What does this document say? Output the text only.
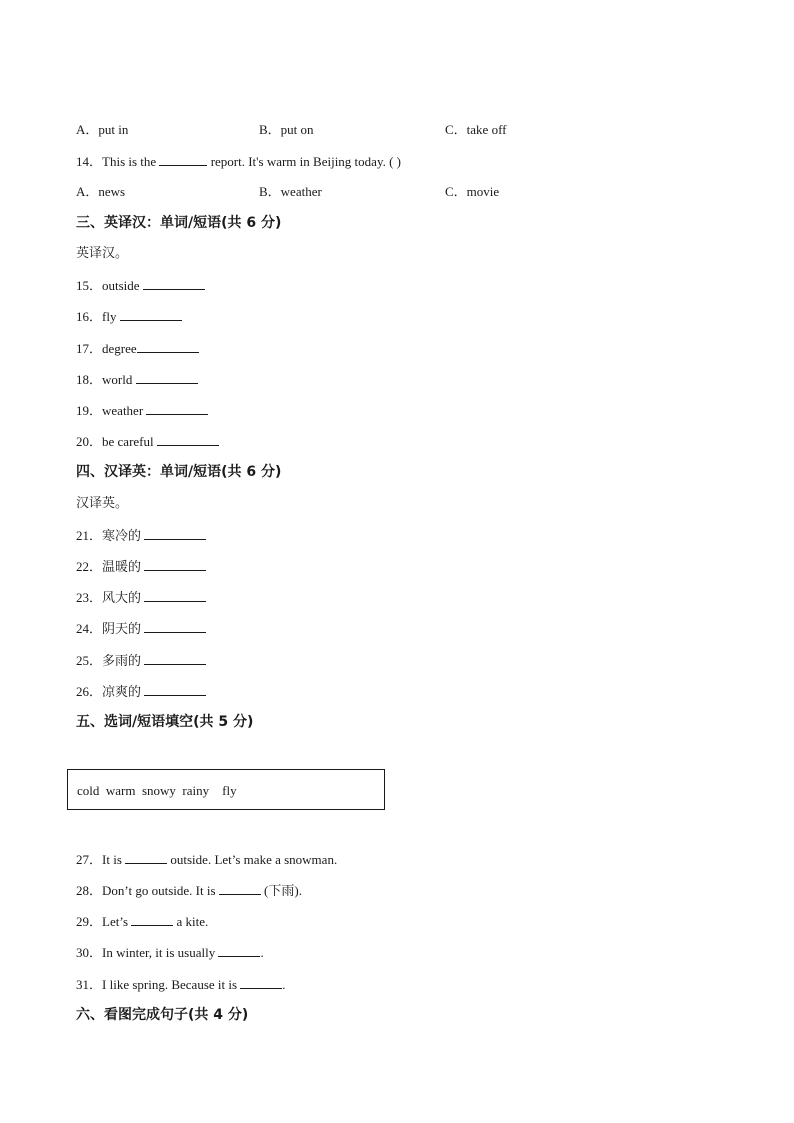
A．put in	B．put on	C．take off
14．This is the	report. It's warm in Beijing today. ( )
A．news	B．weather	C．movie
三、英译汉：单词/短语(共 6 分)
英译汉。
15．outside
16．fly
17．degree
18．world
19．weather
20．be careful
四、汉译英：单词/短语(共 6 分)
汉译英。
21．寒冷的
22．温暖的
23．风大的
24．阴天的
25．多雨的
26．凉爽的
五、选词/短语填空(共 5 分)
cold  warm  snowy  rainy    fly
27．It is	outside. Let’s make a snowman.
28．Don’t go outside. It is	(下雨).
29．Let’s	a kite.
30．In winter, it is usually	.
31．I like spring. Because it is	.
六、看图完成句子(共 4 分)
